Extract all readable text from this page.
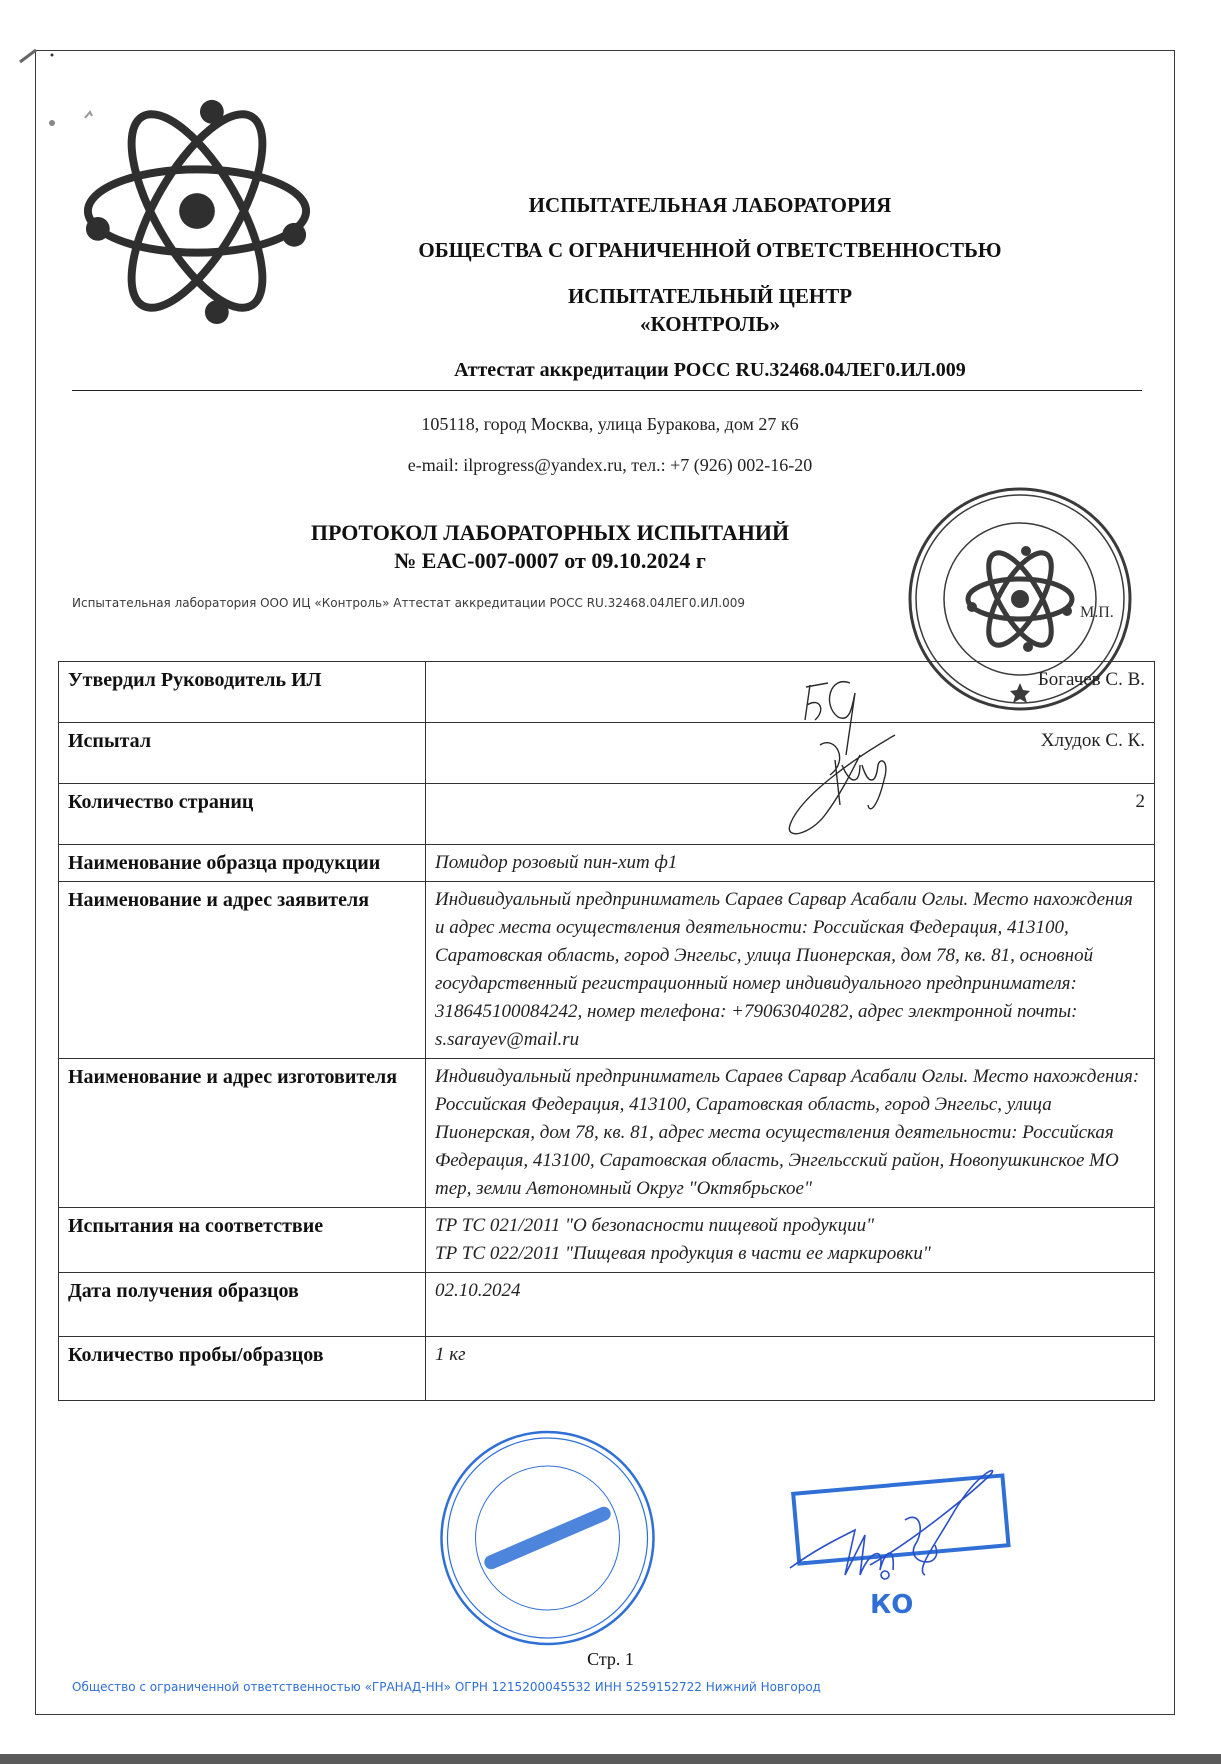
ИСПЫТАТЕЛЬНАЯ ЛАБОРАТОРИЯ
ОБЩЕСТВА С ОГРАНИЧЕННОЙ ОТВЕТСТВЕННОСТЬЮ
ИСПЫТАТЕЛЬНЫЙ ЦЕНТР
«КОНТРОЛЬ»
Аттестат аккредитации РОСС RU.32468.04ЛЕГ0.ИЛ.009
105118, город Москва, улица Буракова, дом 27 к6
e-mail: ilprogress@yandex.ru, тел.: +7 (926) 002-16-20
ПРОТОКОЛ ЛАБОРАТОРНЫХ ИСПЫТАНИЙ
№ ЕАС-007-0007 от 09.10.2024 г
Испытательная лаборатория ООО ИЦ «Контроль» Аттестат аккредитации РОСС RU.32468.04ЛЕГ0.ИЛ.009
М.П.
Утвердил Руководитель ИЛ	Богачев С. В.
Испытал	Хлудок С. К.
Количество страниц	2
Наименование образца продукции	Помидор розовый пин-хит ф1
Наименование и адрес заявителя	Индивидуальный предприниматель Сараев Сарвар Асабали Оглы. Место нахождения и адрес места осуществления деятельности: Российская Федерация, 413100, Саратовская область, город Энгельс, улица Пионерская, дом 78, кв. 81, основной государственный регистрационный номер индивидуального предпринимателя: 318645100084242, номер телефона: +79063040282, адрес электронной почты: s.sarayev@mail.ru
Наименование и адрес изготовителя	Индивидуальный предприниматель Сараев Сарвар Асабали Оглы. Место нахождения: Российская Федерация, 413100, Саратовская область, город Энгельс, улица Пионерская, дом 78, кв. 81, адрес места осуществления деятельности: Российская Федерация, 413100, Саратовская область, Энгельсский район, Новопушкинское МО тер, земли Автономный Округ "Октябрьское"
Испытания на соответствие	ТР ТС 021/2011 "О безопасности пищевой продукции"
ТР ТС 022/2011 "Пищевая продукция в части ее маркировки"

Дата получения образцов	02.10.2024
Количество пробы/образцов	1 кг
Общество с ограниченной ответственностью «ГРАНАД-НН» ОГРН 1215200045532 ИНН 5259152722 Нижний Новгород
КО
Стр. 1
